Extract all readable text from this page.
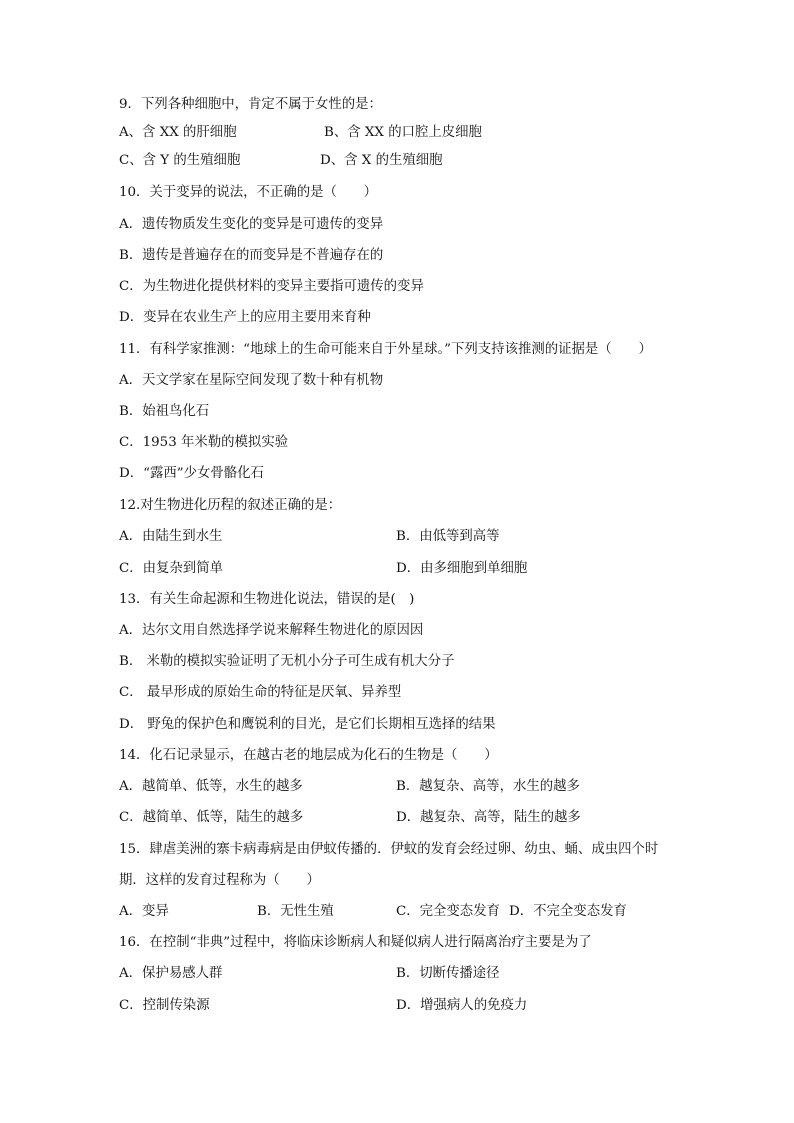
9．下列各种细胞中，肯定不属于女性的是：
A、含 XX 的肝细胞	B、含 XX 的口腔上皮细胞
C、含 Y 的生殖细胞	D、含 X 的生殖细胞
10．关于变异的说法，不正确的是（　　）
A．遗传物质发生变化的变异是可遗传的变异
B．遗传是普遍存在的而变异是不普遍存在的
C．为生物进化提供材料的变异主要指可遗传的变异
D．变异在农业生产上的应用主要用来育种
11．有科学家推测：“地球上的生命可能来自于外星球。”下列支持该推测的证据是（　　）
A．天文学家在星际空间发现了数十种有机物
B．始祖鸟化石
C．1953 年米勒的模拟实验
D．“露西”少女骨骼化石
12.对生物进化历程的叙述正确的是：
A．由陆生到水生	B．由低等到高等
C．由复杂到简单	D．由多细胞到单细胞
13．有关生命起源和生物进化说法，错误的是(　)
A．达尔文用自然选择学说来解释生物进化的原因因
B． 米勒的模拟实验证明了无机小分子可生成有机大分子
C． 最早形成的原始生命的特征是厌氧、异养型
D． 野兔的保护色和鹰锐利的目光，是它们长期相互选择的结果
14．化石记录显示，在越古老的地层成为化石的生物是（　　）
A．越简单、低等，水生的越多	B．越复杂、高等，水生的越多
C．越简单、低等，陆生的越多	D．越复杂、高等，陆生的越多
15．肆虐美洲的寨卡病毒病是由伊蚊传播的．伊蚊的发育会经过卵、幼虫、蛹、成虫四个时
期．这样的发育过程称为（　　）
A．变异	B．无性生殖	C．完全变态发育 D．不完全变态发育
16．在控制“非典”过程中，将临床诊断病人和疑似病人进行隔离治疗主要是为了
A．保护易感人群	B．切断传播途径
C．控制传染源	D．增强病人的免疫力
